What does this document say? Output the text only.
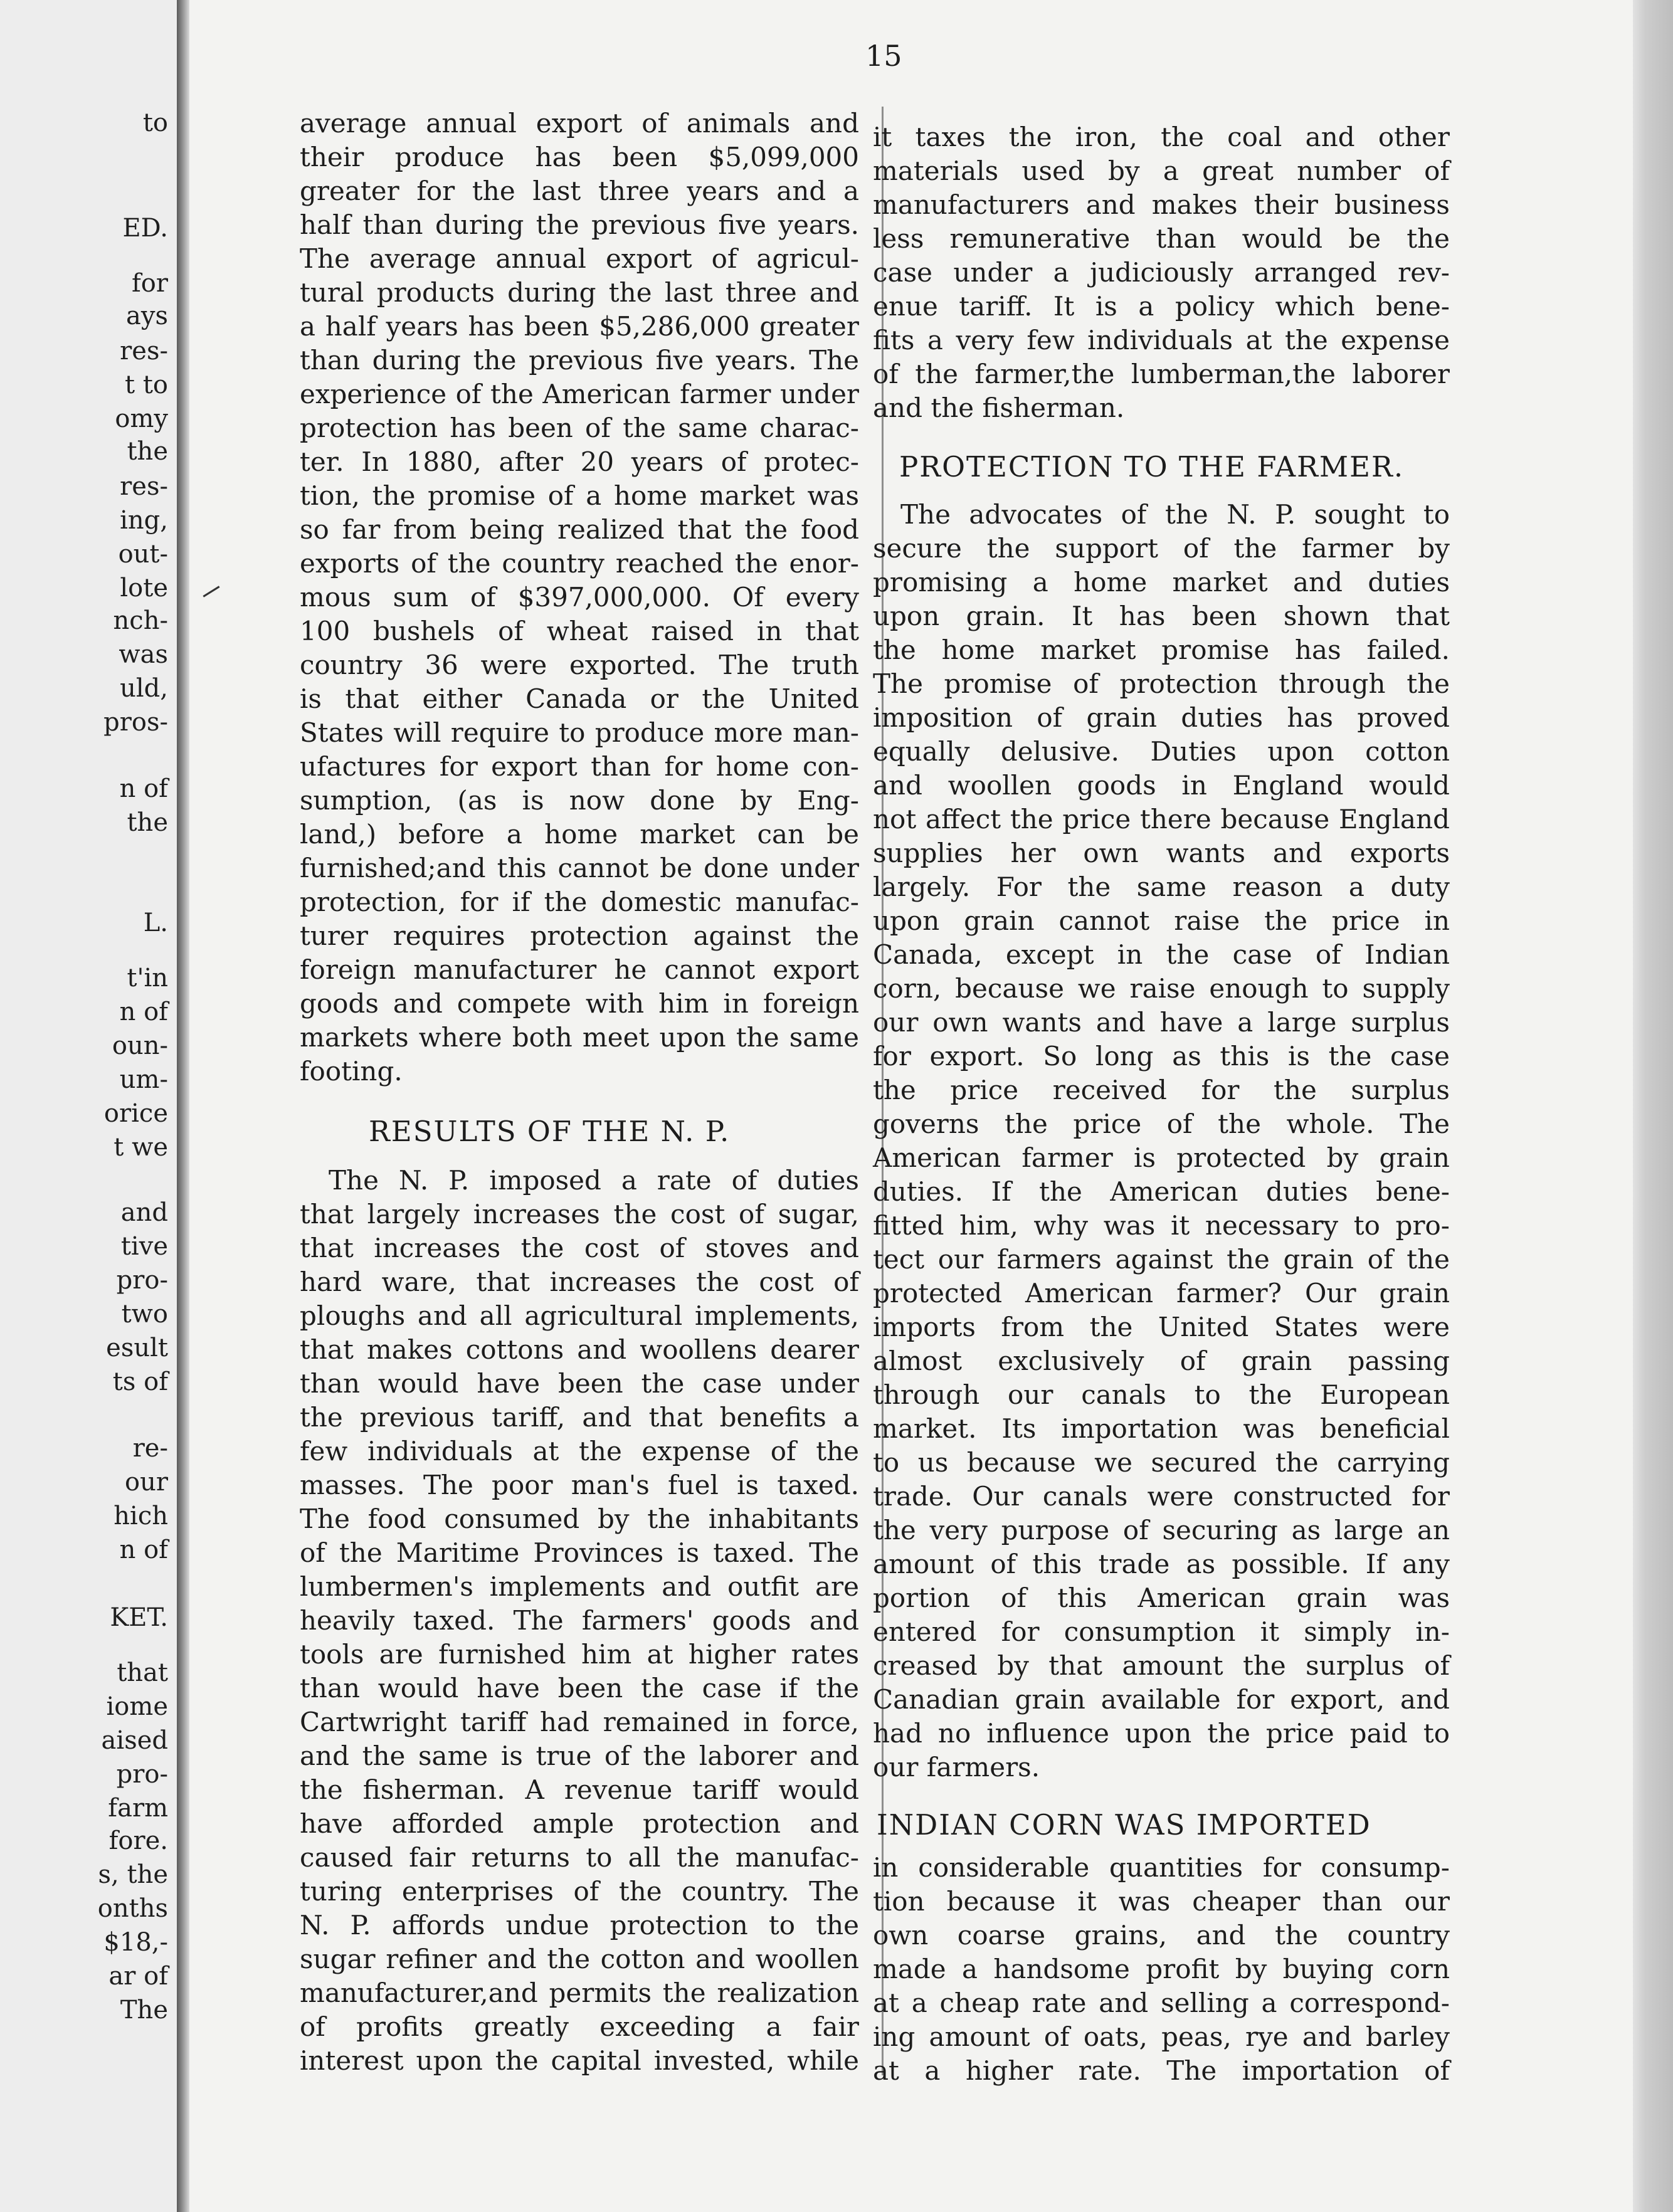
to
ED.
for
ays
res-
t to
omy
the
res-
ing,
out-
lote
nch-
was
uld,
pros-
n of
the
L.
t'in
n of
oun-
um-
orice
t we
and
tive
pro-
two
esult
ts of
re-
our
hich
n of
KET.
that
iome
aised
pro-
farm
fore.
s, the
onths
$18,-
ar of
The
15
average annual export of animals and
their produce has been $5,099,000
greater for the last three years and a
half than during the previous five years.
The average annual export of agricul-
tural products during the last three and
a half years has been $5,286,000 greater
than during the previous five years. The
experience of the American farmer under
protection has been of the same charac-
ter. In 1880, after 20 years of protec-
tion, the promise of a home market was
so far from being realized that the food
exports of the country reached the enor-
mous sum of $397,000,000. Of every
100 bushels of wheat raised in that
country 36 were exported. The truth
is that either Canada or the United
States will require to produce more man-
ufactures for export than for home con-
sumption, (as is now done by Eng-
land,) before a home market can be
furnished;and this cannot be done under
protection, for if the domestic manufac-
turer requires protection against the
foreign manufacturer he cannot export
goods and compete with him in foreign
markets where both meet upon the same
footing.
RESULTS OF THE N. P.
The N. P. imposed a rate of duties
that largely increases the cost of sugar,
that increases the cost of stoves and
hard ware, that increases the cost of
ploughs and all agricultural implements,
that makes cottons and woollens dearer
than would have been the case under
the previous tariff, and that benefits a
few individuals at the expense of the
masses. The poor man's fuel is taxed.
The food consumed by the inhabitants
of the Maritime Provinces is taxed. The
lumbermen's implements and outfit are
heavily taxed. The farmers' goods and
tools are furnished him at higher rates
than would have been the case if the
Cartwright tariff had remained in force,
and the same is true of the laborer and
the fisherman. A revenue tariff would
have afforded ample protection and
caused fair returns to all the manufac-
turing enterprises of the country. The
N. P. affords undue protection to the
sugar refiner and the cotton and woollen
manufacturer,and permits the realization
of profits greatly exceeding a fair
interest upon the capital invested, while
it taxes the iron, the coal and other
materials used by a great number of
manufacturers and makes their business
less remunerative than would be the
case under a judiciously arranged rev-
enue tariff. It is a policy which bene-
fits a very few individuals at the expense
of the farmer,the lumberman,the laborer
and the fisherman.
PROTECTION TO THE FARMER.
The advocates of the N. P. sought to
secure the support of the farmer by
promising a home market and duties
upon grain. It has been shown that
the home market promise has failed.
The promise of protection through the
imposition of grain duties has proved
equally delusive. Duties upon cotton
and woollen goods in England would
not affect the price there because England
supplies her own wants and exports
largely. For the same reason a duty
upon grain cannot raise the price in
Canada, except in the case of Indian
corn, because we raise enough to supply
our own wants and have a large surplus
for export. So long as this is the case
the price received for the surplus
governs the price of the whole. The
American farmer is protected by grain
duties. If the American duties bene-
fitted him, why was it necessary to pro-
tect our farmers against the grain of the
protected American farmer? Our grain
imports from the United States were
almost exclusively of grain passing
through our canals to the European
market. Its importation was beneficial
to us because we secured the carrying
trade. Our canals were constructed for
the very purpose of securing as large an
amount of this trade as possible. If any
portion of this American grain was
entered for consumption it simply in-
creased by that amount the surplus of
Canadian grain available for export, and
had no influence upon the price paid to
our farmers.
INDIAN CORN WAS IMPORTED
in considerable quantities for consump-
tion because it was cheaper than our
own coarse grains, and the country
made a handsome profit by buying corn
at a cheap rate and selling a correspond-
ing amount of oats, peas, rye and barley
at a higher rate. The importation of
